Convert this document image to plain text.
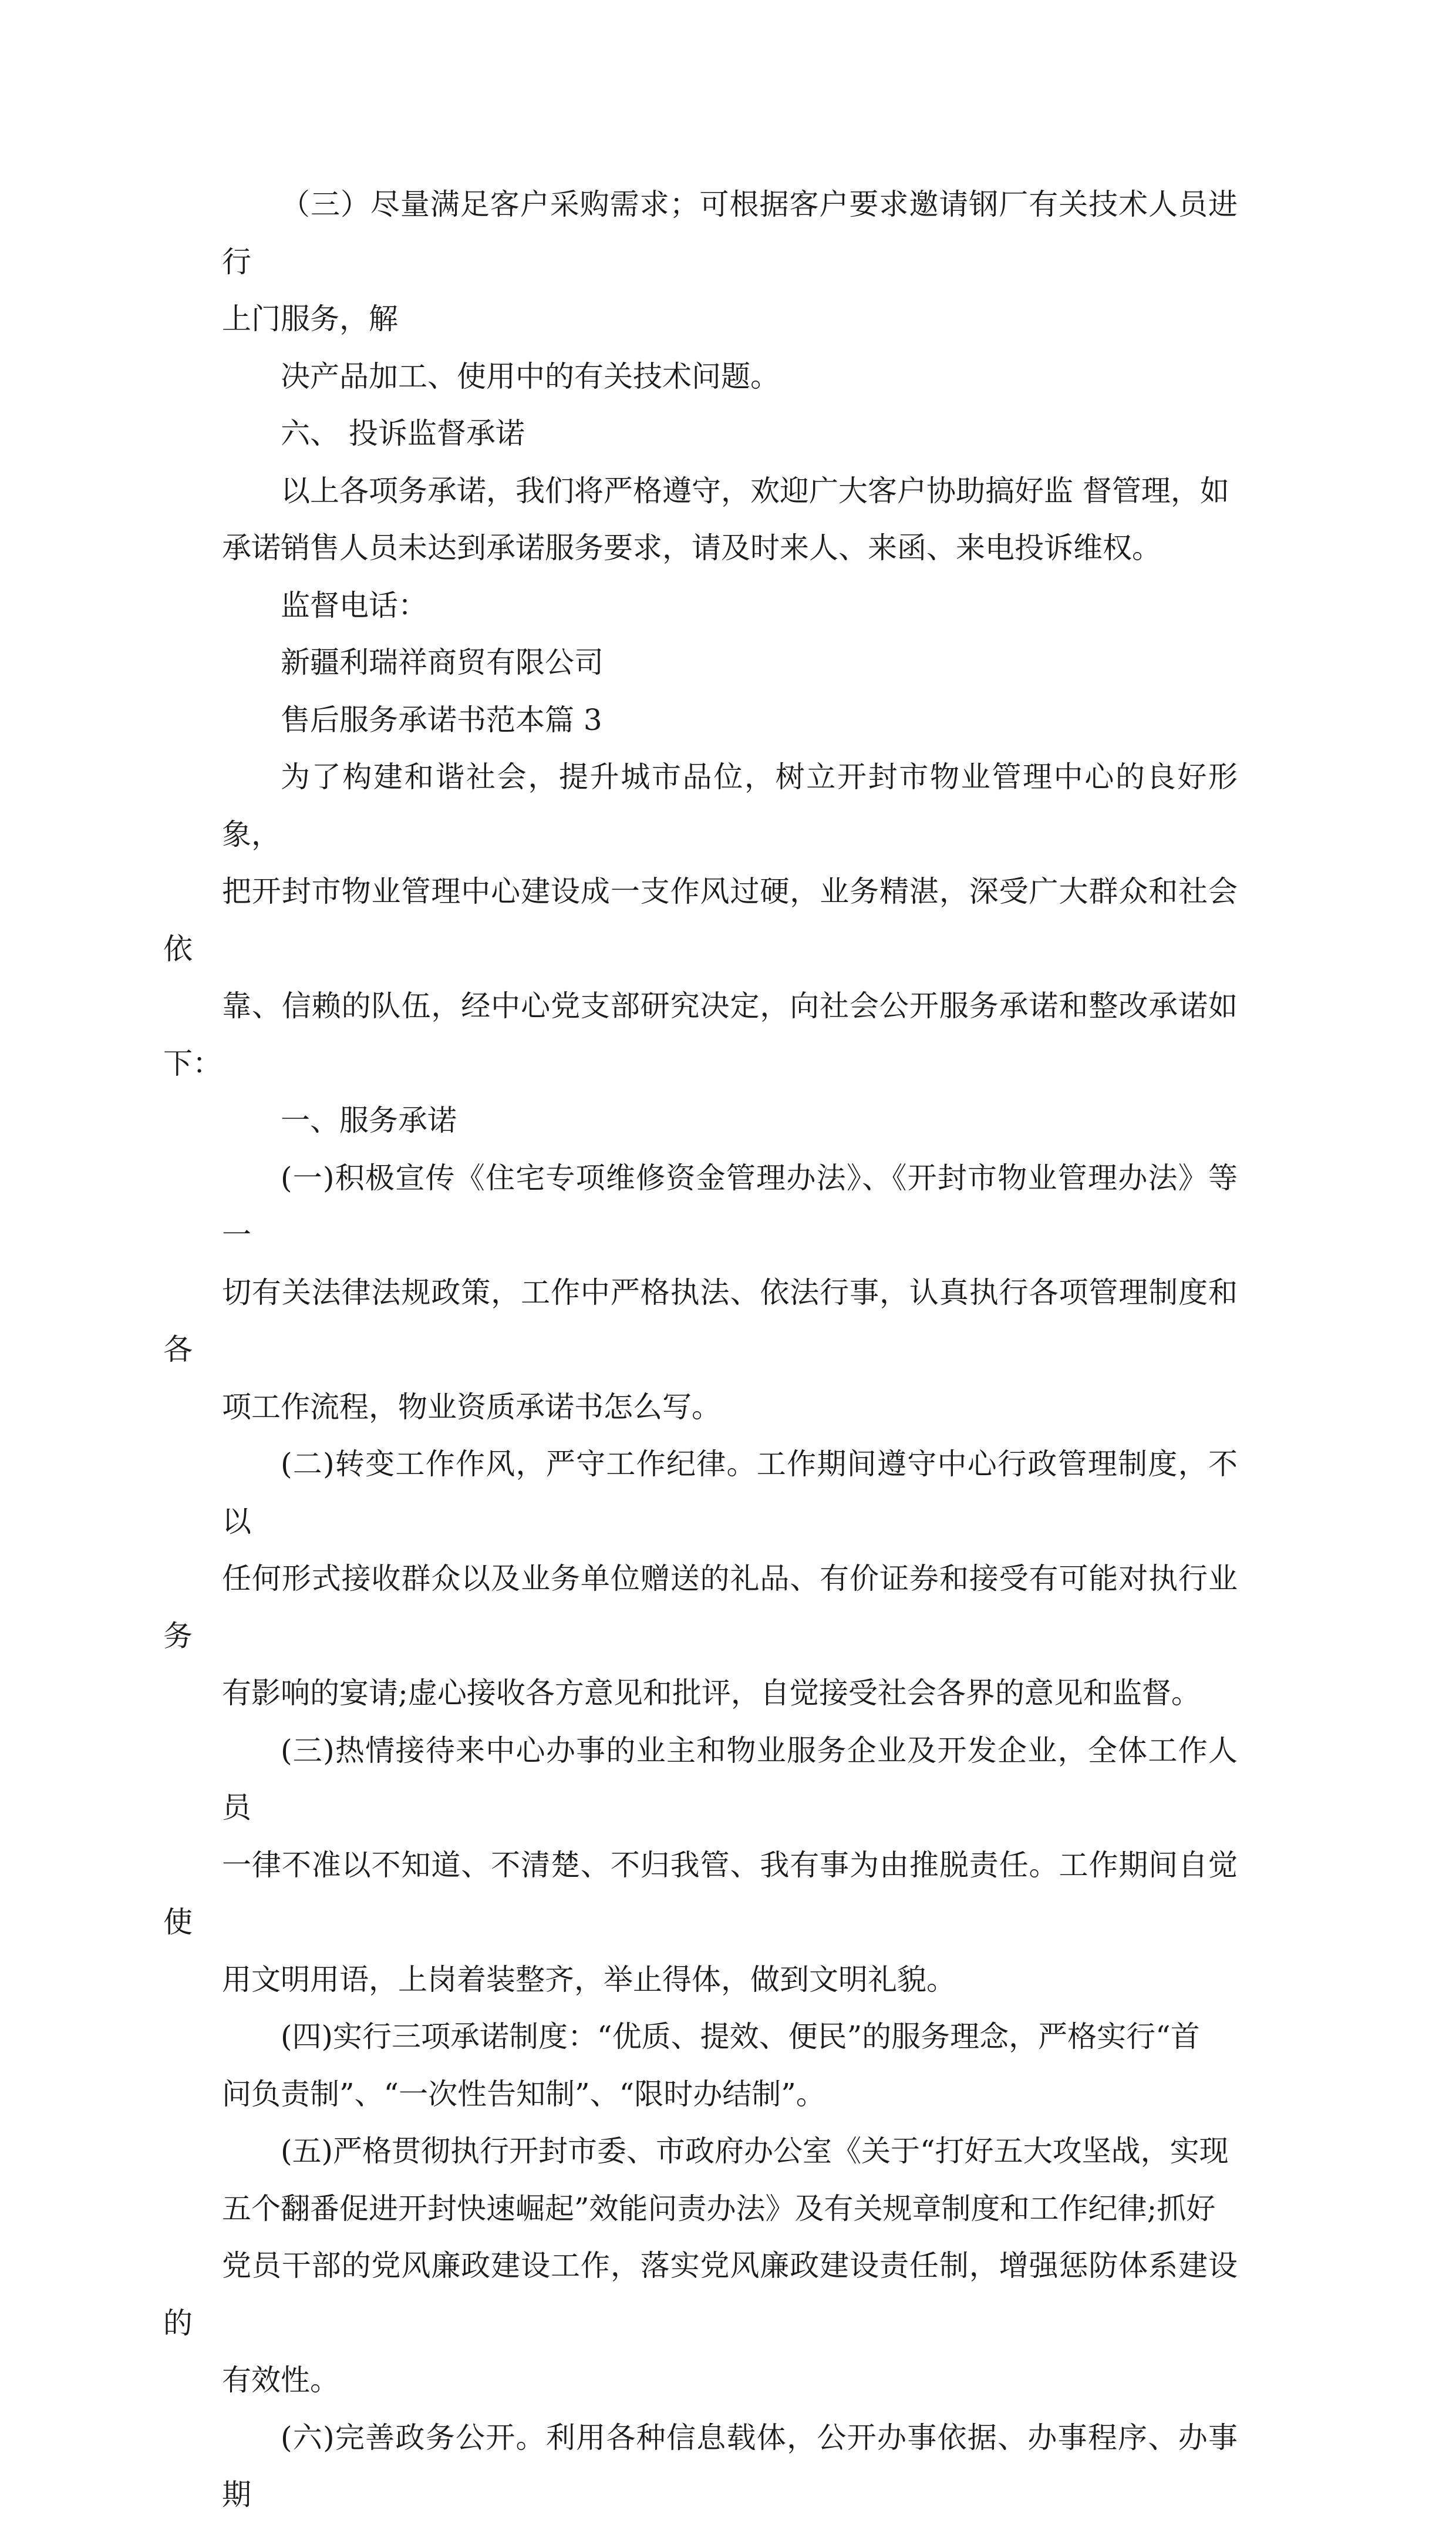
（三）尽量满足客户采购需求；可根据客户要求邀请钢厂有关技术人员进行
上门服务，解

决产品加工、使用中的有关技术问题。

六、 投诉监督承诺

以上各项务承诺，我们将严格遵守，欢迎广大客户协助搞好监 督管理，如
承诺销售人员未达到承诺服务要求，请及时来人、来函、来电投诉维权。

监督电话：

新疆利瑞祥商贸有限公司

售后服务承诺书范本篇 3

为了构建和谐社会，提升城市品位，树立开封市物业管理中心的良好形象，
把开封市物业管理中心建设成一支作风过硬，业务精湛，深受广大群众和社会依
靠、信赖的队伍，经中心党支部研究决定，向社会公开服务承诺和整改承诺如下：

一、服务承诺

(一)积极宣传《住宅专项维修资金管理办法》、《开封市物业管理办法》等一
切有关法律法规政策，工作中严格执法、依法行事，认真执行各项管理制度和各
项工作流程，物业资质承诺书怎么写。

(二)转变工作作风，严守工作纪律。工作期间遵守中心行政管理制度，不以
任何形式接收群众以及业务单位赠送的礼品、有价证券和接受有可能对执行业务
有影响的宴请;虚心接收各方意见和批评，自觉接受社会各界的意见和监督。

(三)热情接待来中心办事的业主和物业服务企业及开发企业，全体工作人员
一律不准以不知道、不清楚、不归我管、我有事为由推脱责任。工作期间自觉使
用文明用语，上岗着装整齐，举止得体，做到文明礼貌。

(四)实行三项承诺制度：“优质、提效、便民”的服务理念，严格实行“首
问负责制”、“一次性告知制”、“限时办结制”。

(五)严格贯彻执行开封市委、市政府办公室《关于“打好五大攻坚战，实现
五个翻番促进开封快速崛起”效能问责办法》及有关规章制度和工作纪律;抓好
党员干部的党风廉政建设工作，落实党风廉政建设责任制，增强惩防体系建设的
有效性。

(六)完善政务公开。利用各种信息载体，公开办事依据、办事程序、办事期
